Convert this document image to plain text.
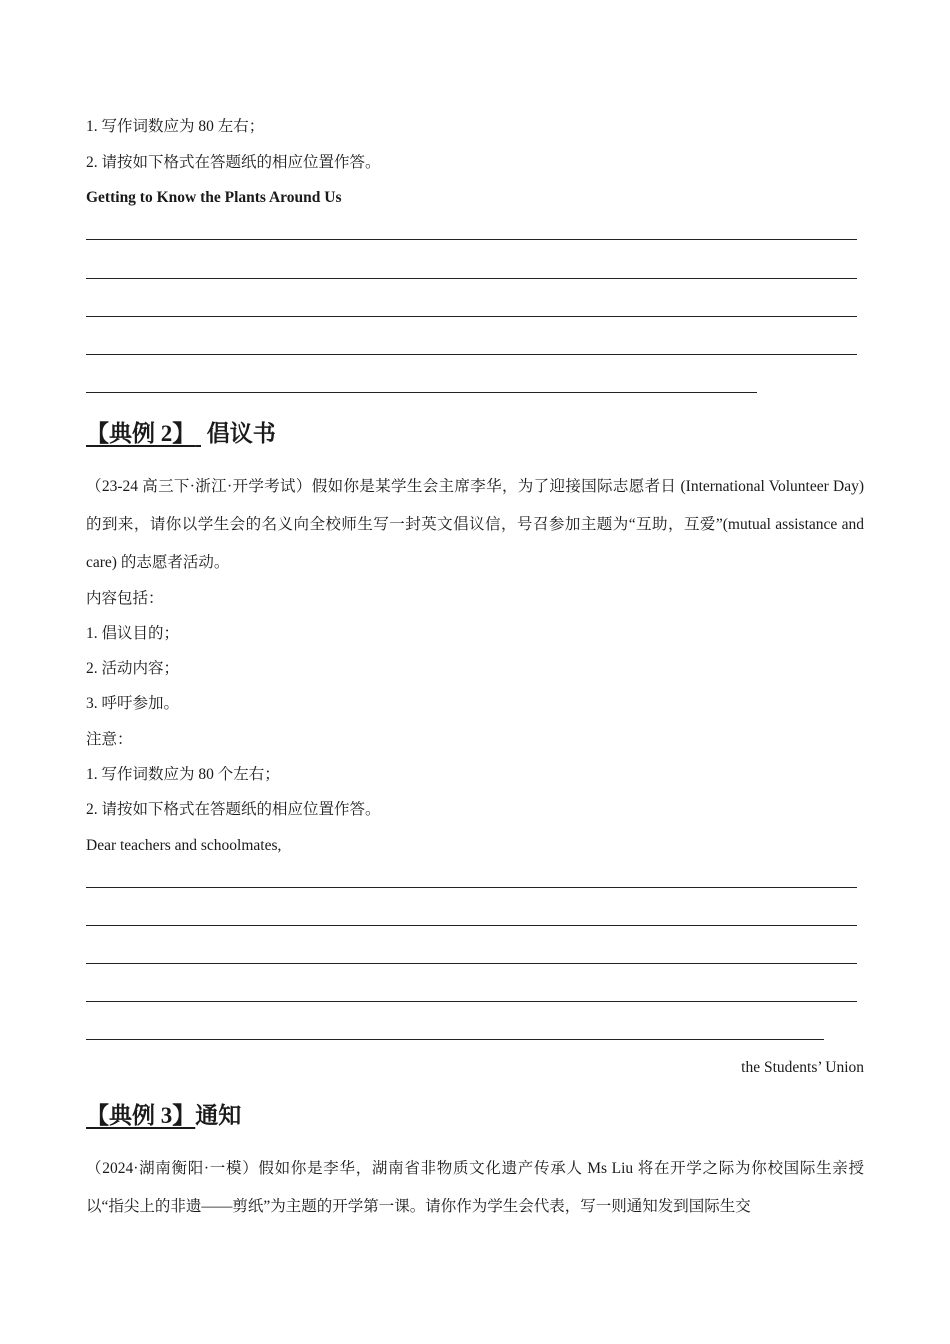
1. 写作词数应为 80 左右；
2. 请按如下格式在答题纸的相应位置作答。
Getting to Know the Plants Around Us
【典例 2】 倡议书
（23-24 高三下·浙江·开学考试）假如你是某学生会主席李华，为了迎接国际志愿者日 (International Volunteer Day)的到来，请你以学生会的名义向全校师生写一封英文倡议信，号召参加主题为“互助，互爱”(mutual assistance and care) 的志愿者活动。
内容包括：
1. 倡议目的；
2. 活动内容；
3. 呼吁参加。
注意：
1. 写作词数应为 80 个左右；
2. 请按如下格式在答题纸的相应位置作答。
Dear teachers and schoolmates,
the Students’ Union
【典例 3】通知
（2024·湖南衡阳·一模）假如你是李华，湖南省非物质文化遗产传承人 Ms Liu 将在开学之际为你校国际生亲授以“指尖上的非遗——剪纸”为主题的开学第一课。请你作为学生会代表，写一则通知发到国际生交
